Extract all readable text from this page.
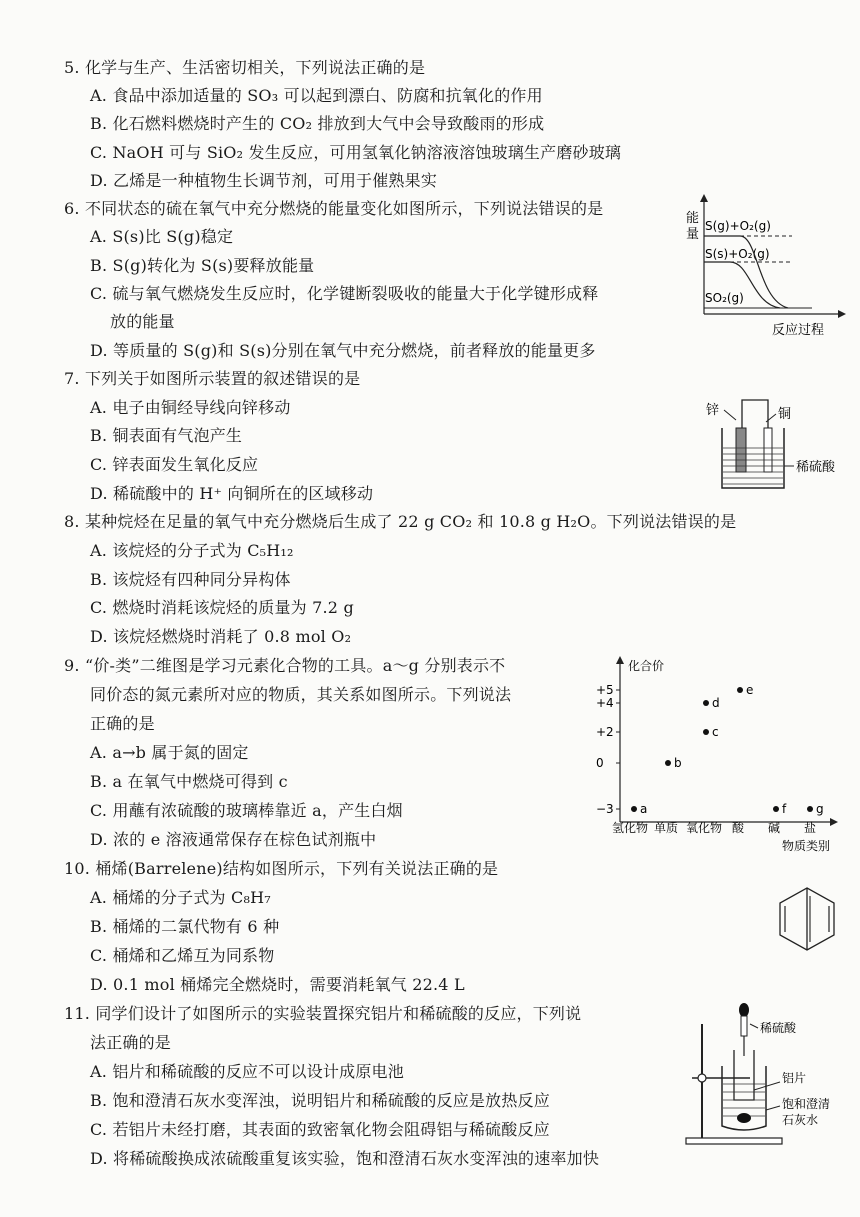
5. 化学与生产、生活密切相关，下列说法正确的是
A. 食品中添加适量的 SO₃ 可以起到漂白、防腐和抗氧化的作用
B. 化石燃料燃烧时产生的 CO₂ 排放到大气中会导致酸雨的形成
C. NaOH 可与 SiO₂ 发生反应，可用氢氧化钠溶液溶蚀玻璃生产磨砂玻璃
D. 乙烯是一种植物生长调节剂，可用于催熟果实
6. 不同状态的硫在氧气中充分燃烧的能量变化如图所示，下列说法错误的是
A. S(s)比 S(g)稳定
B. S(g)转化为 S(s)要释放能量
C. 硫与氧气燃烧发生反应时，化学键断裂吸收的能量大于化学键形成释
放的能量
D. 等质量的 S(g)和 S(s)分别在氧气中充分燃烧，前者释放的能量更多
能
量
S(g)+O₂(g)
S(s)+O₂(g)
SO₂(g)
反应过程
7. 下列关于如图所示装置的叙述错误的是
A. 电子由铜经导线向锌移动
B. 铜表面有气泡产生
C. 锌表面发生氧化反应
D. 稀硫酸中的 H⁺ 向铜所在的区域移动
锌	铜
稀硫酸
8. 某种烷烃在足量的氧气中充分燃烧后生成了 22 g CO₂ 和 10.8 g H₂O。下列说法错误的是
A. 该烷烃的分子式为 C₅H₁₂
B. 该烷烃有四种同分异构体
C. 燃烧时消耗该烷烃的质量为 7.2 g
D. 该烷烃燃烧时消耗了 0.8 mol O₂
9. “价-类”二维图是学习元素化合物的工具。a～g 分别表示不
同价态的氮元素所对应的物质，其关系如图所示。下列说法
正确的是
A. a→b 属于氮的固定
B. a 在氧气中燃烧可得到 c
C. 用蘸有浓硫酸的玻璃棒靠近 a，产生白烟
D. 浓的 e 溶液通常保存在棕色试剂瓶中
化合价
物质类别
+5
+4
+2
0
−3
氢化物 单质 氧化物 酸 碱 盐
a
b
c
d
e
f g
10. 桶烯(Barrelene)结构如图所示，下列有关说法正确的是
A. 桶烯的分子式为 C₈H₇
B. 桶烯的二氯代物有 6 种
C. 桶烯和乙烯互为同系物
D. 0.1 mol 桶烯完全燃烧时，需要消耗氧气 22.4 L
11. 同学们设计了如图所示的实验装置探究铝片和稀硫酸的反应，下列说
法正确的是
A. 铝片和稀硫酸的反应不可以设计成原电池
B. 饱和澄清石灰水变浑浊，说明铝片和稀硫酸的反应是放热反应
C. 若铝片未经打磨，其表面的致密氧化物会阻碍铝与稀硫酸反应
D. 将稀硫酸换成浓硫酸重复该实验，饱和澄清石灰水变浑浊的速率加快
稀硫酸
铝片
饱和澄清
石灰水
